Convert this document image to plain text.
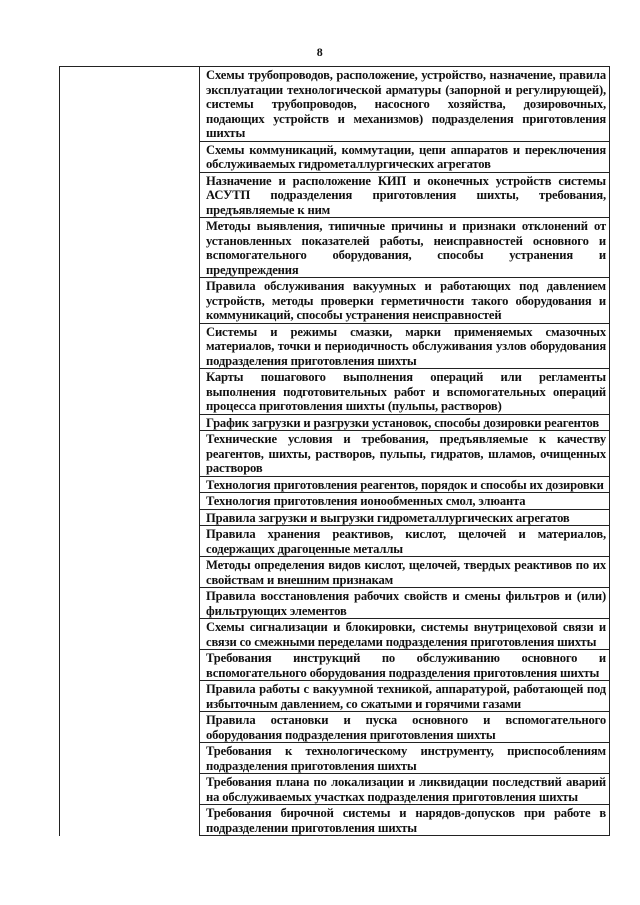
8

Схемы трубопроводов, расположение, устройство, назначение, правила эксплуатации технологической арматуры (запорной и регулирующей), системы трубопроводов, насосного хозяйства, дозировочных, подающих устройств и механизмов) подразделения приготовления шихты

Схемы коммуникаций, коммутации, цепи аппаратов и переключения обслуживаемых гидрометаллургических агрегатов

Назначение и расположение КИП и оконечных устройств системы АСУТП подразделения приготовления шихты, требования, предъявляемые к ним

Методы выявления, типичные причины и признаки отклонений от установленных показателей работы, неисправностей основного и вспомогательного оборудования, способы устранения и предупреждения

Правила обслуживания вакуумных и работающих под давлением устройств, методы проверки герметичности такого оборудования и коммуникаций, способы устранения неисправностей

Системы и режимы смазки, марки применяемых смазочных материалов, точки и периодичность обслуживания узлов оборудования подразделения приготовления шихты

Карты пошагового выполнения операций или регламенты выполнения подготовительных работ и вспомогательных операций процесса приготовления шихты (пульпы, растворов)

График загрузки и разгрузки установок, способы дозировки реагентов

Технические условия и требования, предъявляемые к качеству реагентов, шихты, растворов, пульпы, гидратов, шламов, очищенных растворов

Технология приготовления реагентов, порядок и способы их дозировки

Технология приготовления ионообменных смол, элюанта

Правила загрузки и выгрузки гидрометаллургических агрегатов

Правила хранения реактивов, кислот, щелочей и материалов, содержащих драгоценные металлы

Методы определения видов кислот, щелочей, твердых реактивов по их свойствам и внешним признакам

Правила восстановления рабочих свойств и смены фильтров и (или) фильтрующих элементов

Схемы сигнализации и блокировки, системы внутрицеховой связи и связи со смежными переделами подразделения приготовления шихты

Требования инструкций по обслуживанию основного и вспомогательного оборудования подразделения приготовления шихты

Правила работы с вакуумной техникой, аппаратурой, работающей под избыточным давлением, со сжатыми и горячими газами

Правила остановки и пуска основного и вспомогательного оборудования подразделения приготовления шихты

Требования к технологическому инструменту, приспособлениям подразделения приготовления шихты

Требования плана по локализации и ликвидации последствий аварий на обслуживаемых участках подразделения приготовления шихты

Требования бирочной системы и нарядов-допусков при работе в подразделении приготовления шихты
